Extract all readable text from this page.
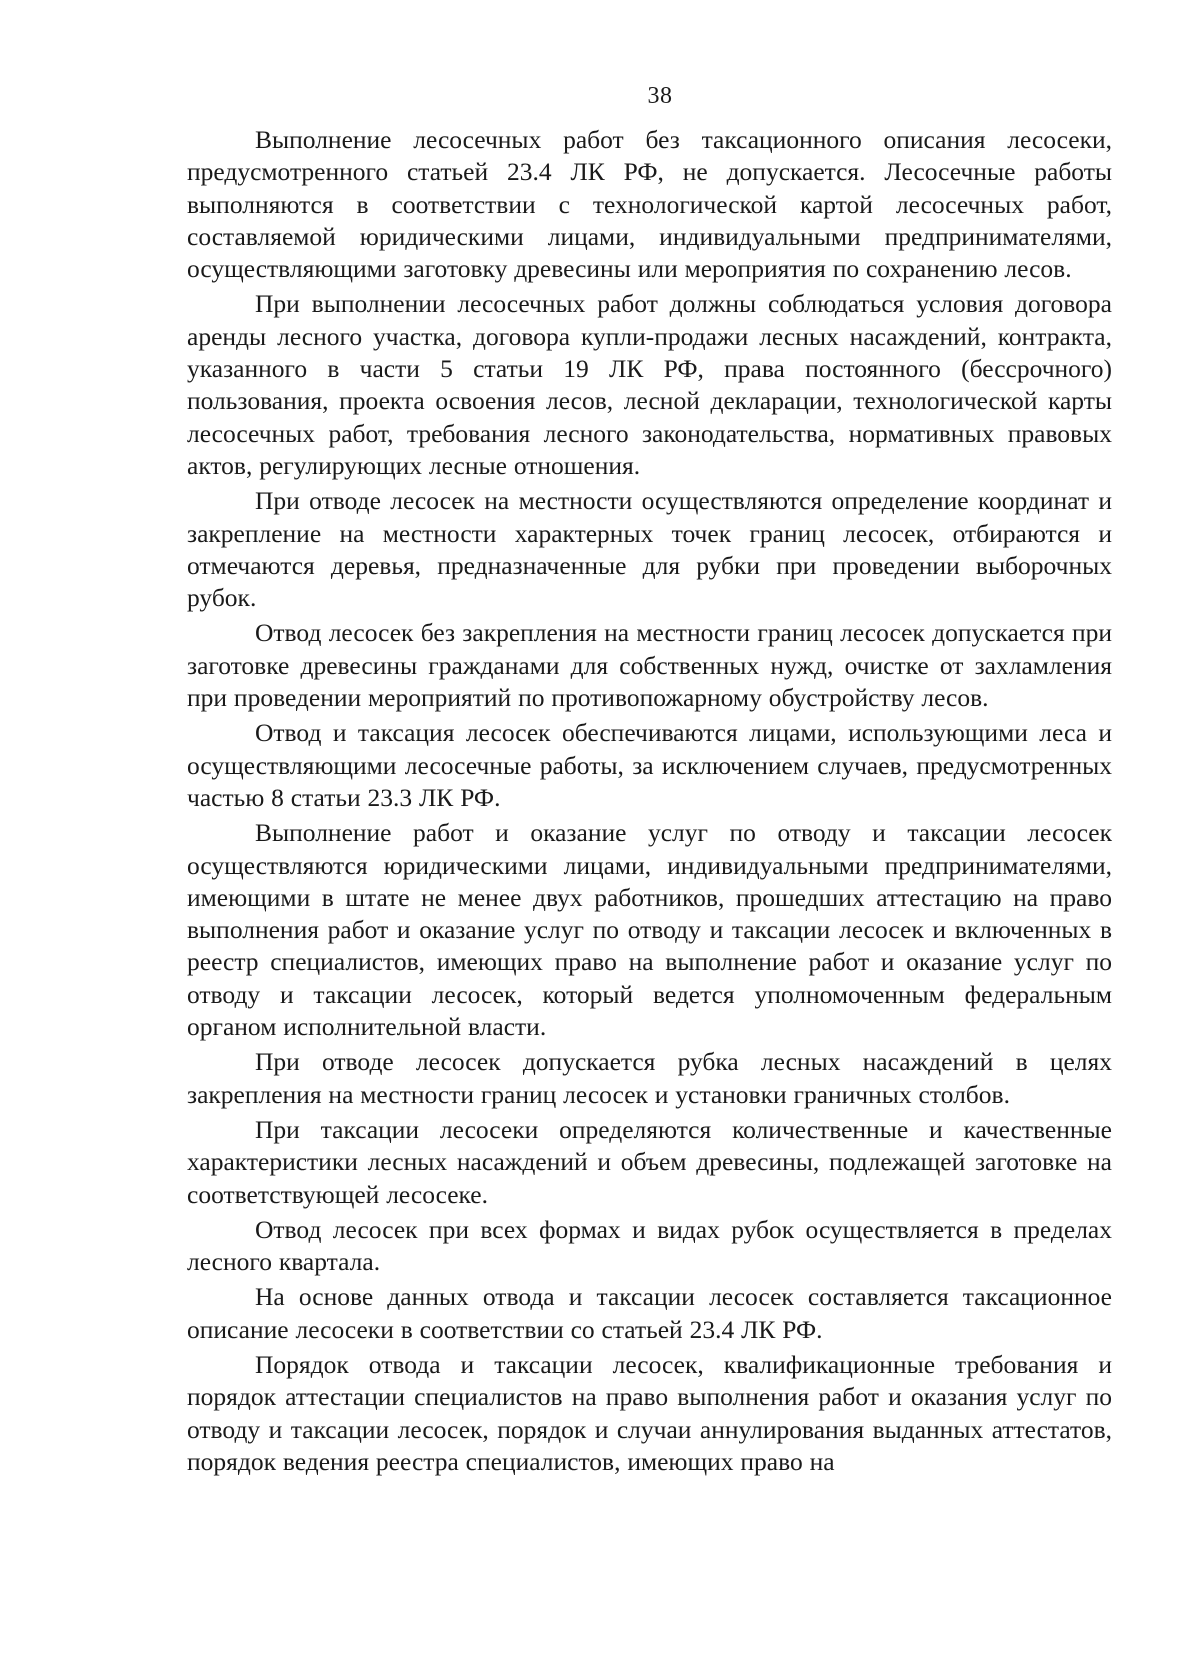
38

Выполнение лесосечных работ без таксационного описания лесосеки, предусмотренного статьей 23.4 ЛК РФ, не допускается. Лесосечные работы выполняются в соответствии с технологической картой лесосечных работ, составляемой юридическими лицами, индивидуальными предпринимателями, осуществляющими заготовку древесины или мероприятия по сохранению лесов.

При выполнении лесосечных работ должны соблюдаться условия договора аренды лесного участка, договора купли-продажи лесных насаждений, контракта, указанного в части 5 статьи 19 ЛК РФ, права постоянного (бессрочного) пользования, проекта освоения лесов, лесной декларации, технологической карты лесосечных работ, требования лесного законодательства, нормативных правовых актов, регулирующих лесные отношения.

При отводе лесосек на местности осуществляются определение координат и закрепление на местности характерных точек границ лесосек, отбираются и отмечаются деревья, предназначенные для рубки при проведении выборочных рубок.

Отвод лесосек без закрепления на местности границ лесосек допускается при заготовке древесины гражданами для собственных нужд, очистке от захламления при проведении мероприятий по противопожарному обустройству лесов.

Отвод и таксация лесосек обеспечиваются лицами, использующими леса и осуществляющими лесосечные работы, за исключением случаев, предусмотренных частью 8 статьи 23.3 ЛК РФ.

Выполнение работ и оказание услуг по отводу и таксации лесосек осуществляются юридическими лицами, индивидуальными предпринимателями, имеющими в штате не менее двух работников, прошедших аттестацию на право выполнения работ и оказание услуг по отводу и таксации лесосек и включенных в реестр специалистов, имеющих право на выполнение работ и оказание услуг по отводу и таксации лесосек, который ведется уполномоченным федеральным органом исполнительной власти.

При отводе лесосек допускается рубка лесных насаждений в целях закрепления на местности границ лесосек и установки граничных столбов.

При таксации лесосеки определяются количественные и качественные характеристики лесных насаждений и объем древесины, подлежащей заготовке на соответствующей лесосеке.

Отвод лесосек при всех формах и видах рубок осуществляется в пределах лесного квартала.

На основе данных отвода и таксации лесосек составляется таксационное описание лесосеки в соответствии со статьей 23.4 ЛК РФ.

Порядок отвода и таксации лесосек, квалификационные требования и порядок аттестации специалистов на право выполнения работ и оказания услуг по отводу и таксации лесосек, порядок и случаи аннулирования выданных аттестатов, порядок ведения реестра специалистов, имеющих право на
